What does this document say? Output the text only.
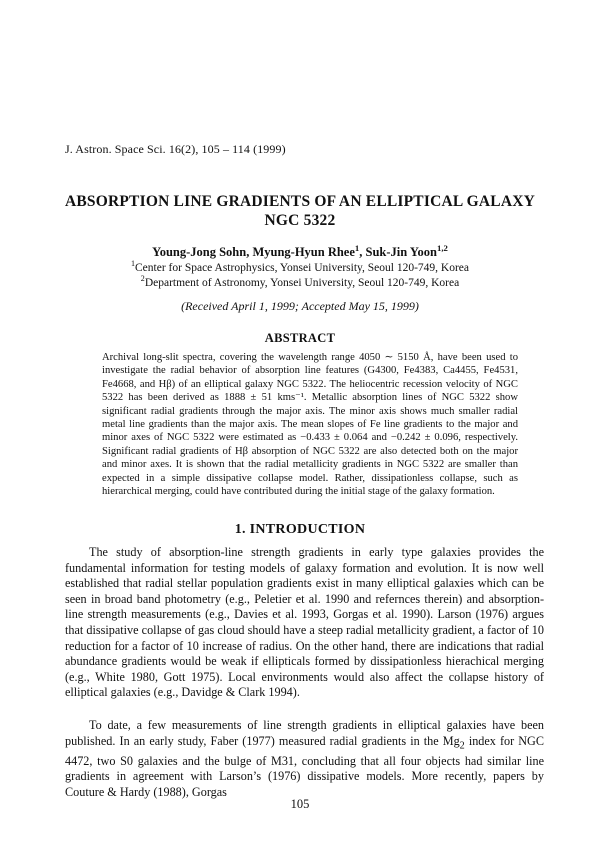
J. Astron. Space Sci. 16(2), 105 – 114 (1999)
ABSORPTION LINE GRADIENTS OF AN ELLIPTICAL GALAXY
NGC 5322
Young-Jong Sohn, Myung-Hyun Rhee$^1$, Suk-Jin Yoon$^{1,2}$
$^1$Center for Space Astrophysics, Yonsei University, Seoul 120-749, Korea
$^2$Department of Astronomy, Yonsei University, Seoul 120-749, Korea
(Received April 1, 1999; Accepted May 15, 1999)
ABSTRACT
Archival long-slit spectra, covering the wavelength range 4050 ∼ 5150 Å, have been used to investigate the radial behavior of absorption line features (G4300, Fe4383, Ca4455, Fe4531, Fe4668, and Hβ) of an elliptical galaxy NGC 5322. The heliocentric recession velocity of NGC 5322 has been derived as 1888 ± 51 kms⁻¹. Metallic absorption lines of NGC 5322 show significant radial gradients through the major axis. The minor axis shows much smaller radial metal line gradients than the major axis. The mean slopes of Fe line gradients to the major and minor axes of NGC 5322 were estimated as −0.433 ± 0.064 and −0.242 ± 0.096, respectively. Significant radial gradients of Hβ absorption of NGC 5322 are also detected both on the major and minor axes. It is shown that the radial metallicity gradients in NGC 5322 are smaller than expected in a simple dissipative collapse model. Rather, dissipationless collapse, such as hierarchical merging, could have contributed during the initial stage of the galaxy formation.
1. INTRODUCTION
The study of absorption-line strength gradients in early type galaxies provides the fundamental information for testing models of galaxy formation and evolution. It is now well established that radial stellar population gradients exist in many elliptical galaxies which can be seen in broad band photometry (e.g., Peletier et al. 1990 and refernces therein) and absorption-line strength measurements (e.g., Davies et al. 1993, Gorgas et al. 1990). Larson (1976) argues that dissipative collapse of gas cloud should have a steep radial metallicity gradient, a factor of 10 reduction for a factor of 10 increase of radius. On the other hand, there are indications that radial abundance gradients would be weak if ellipticals formed by dissipationless hierachical merging (e.g., White 1980, Gott 1975). Local environments would also affect the collapse history of elliptical galaxies (e.g., Davidge & Clark 1994).
To date, a few measurements of line strength gradients in elliptical galaxies have been published. In an early study, Faber (1977) measured radial gradients in the $Mg_2$ index for NGC 4472, two S0 galaxies and the bulge of M31, concluding that all four objects had similar line gradients in agreement with Larson’s (1976) dissipative models. More recently, papers by Couture & Hardy (1988), Gorgas
105
